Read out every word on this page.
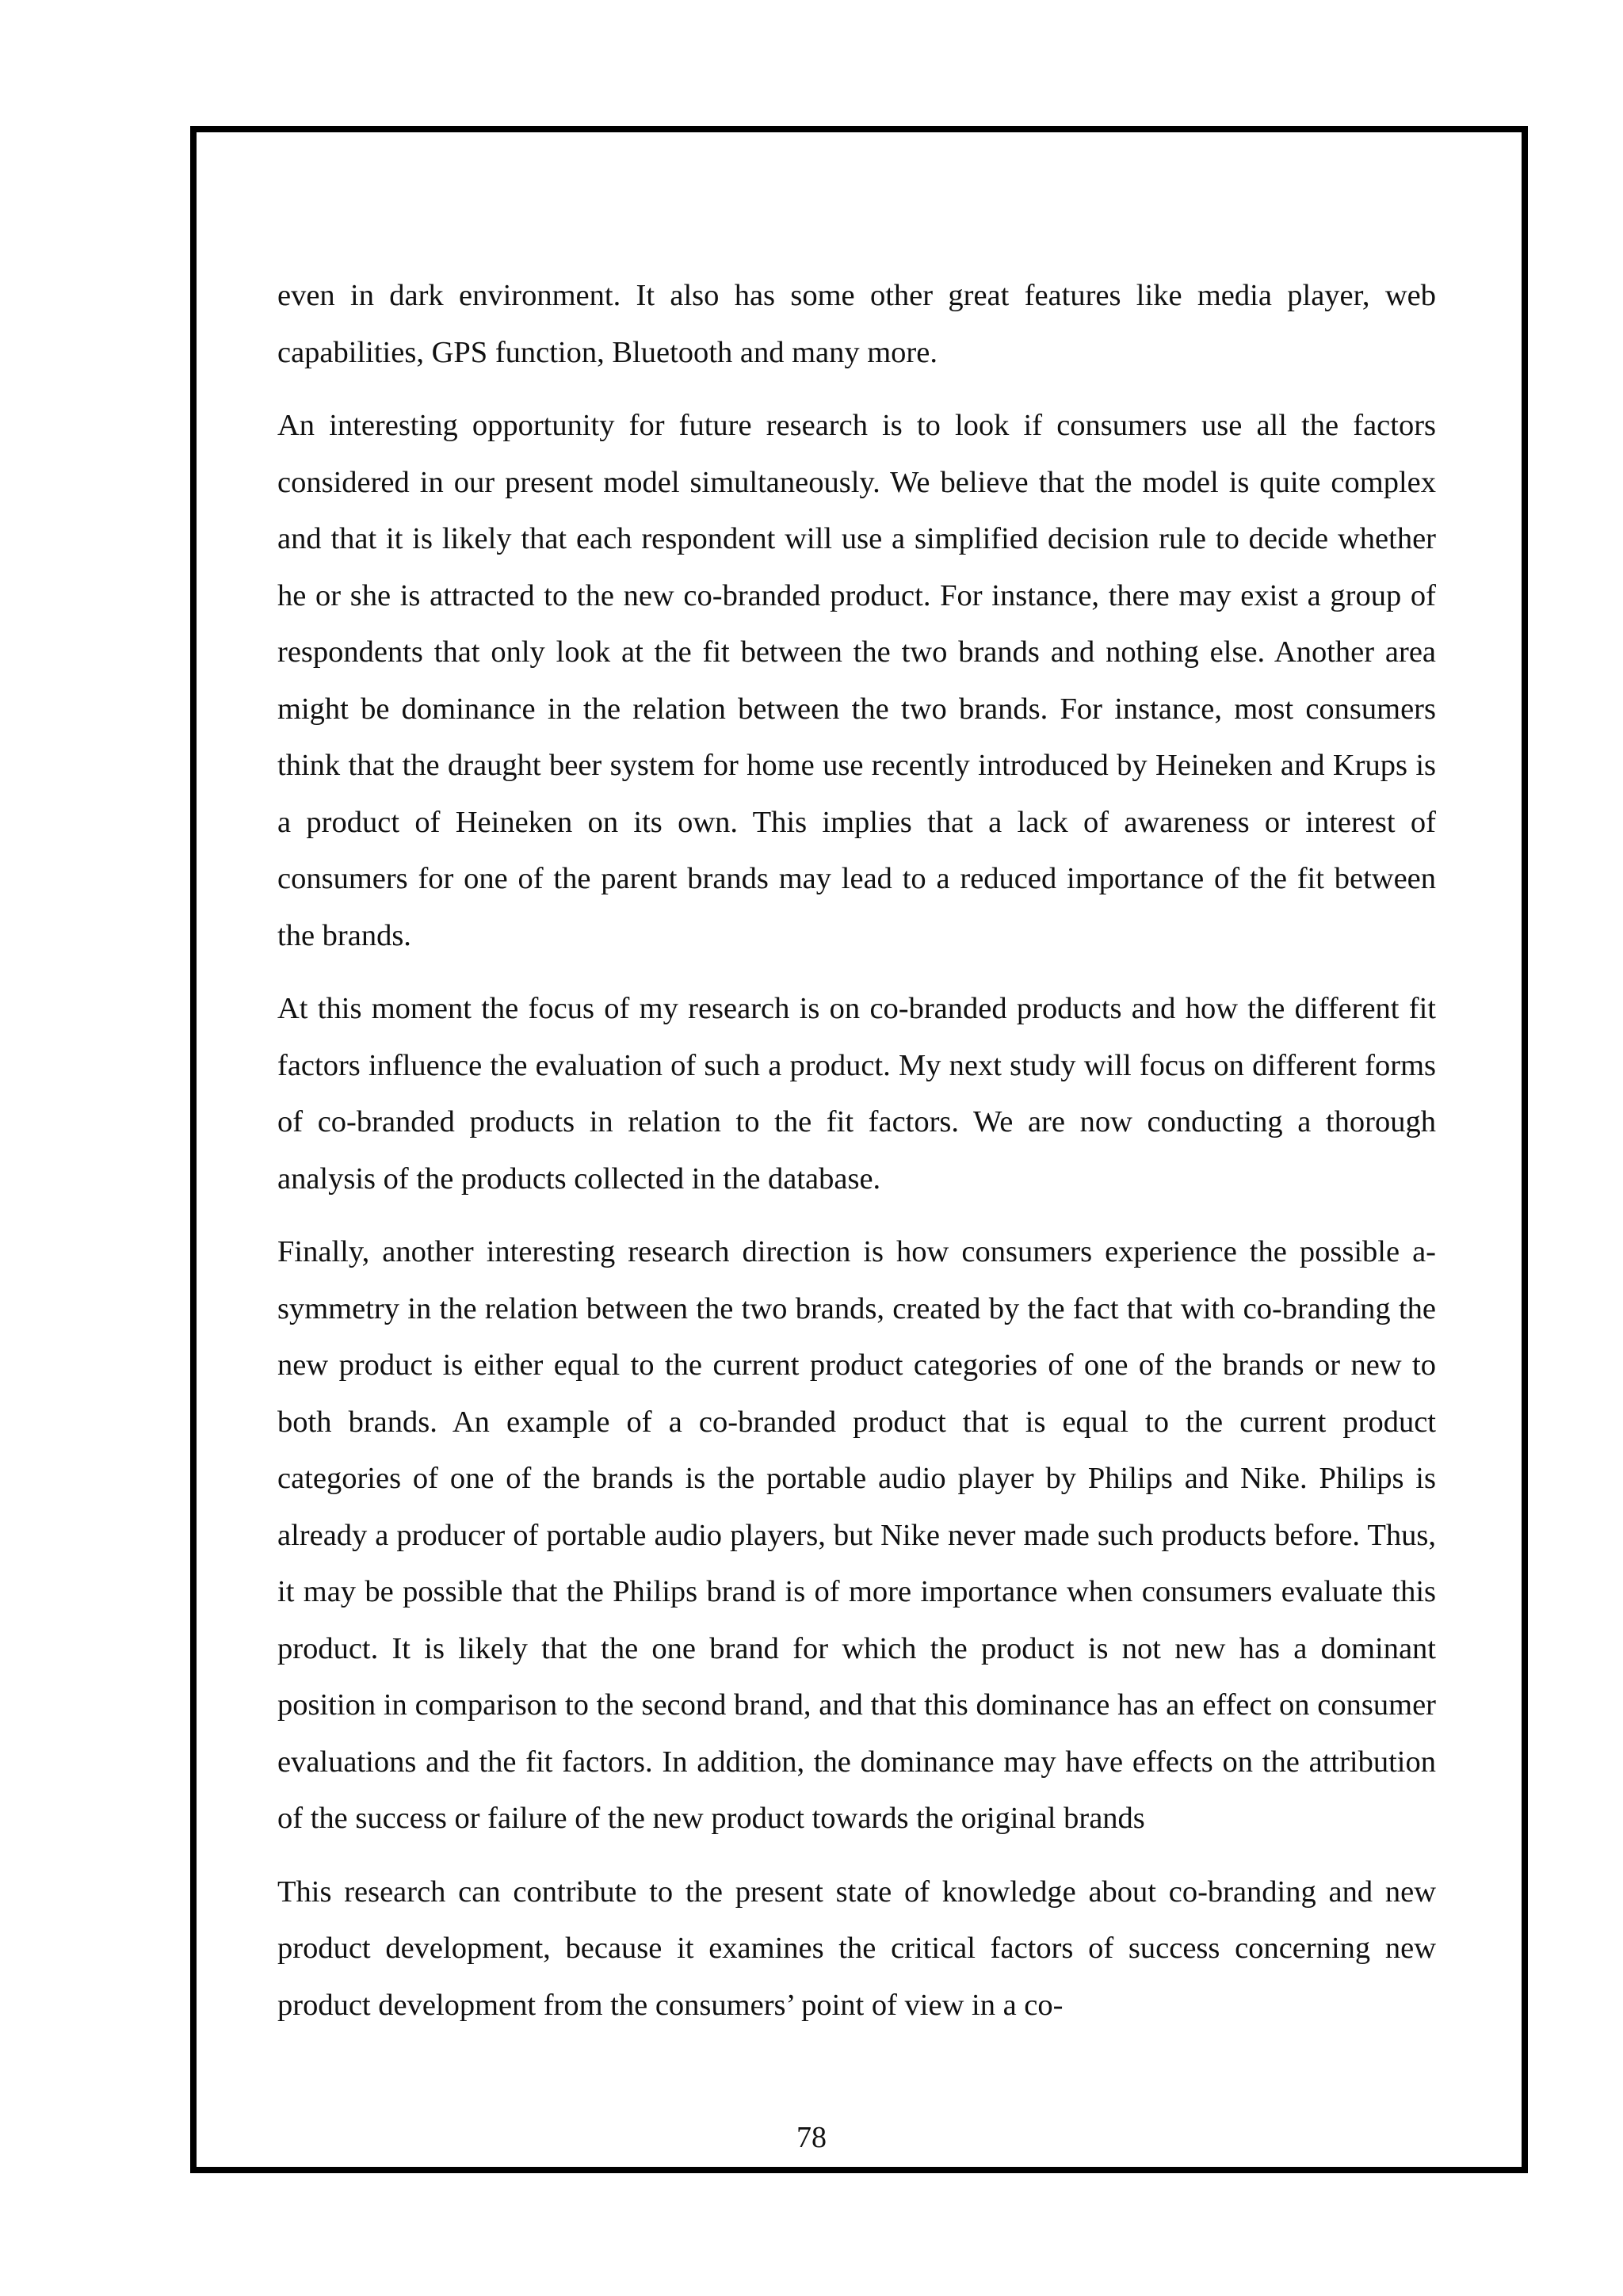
even in dark environment. It also has some other great features like media player, web capabilities, GPS function, Bluetooth and many more.

An interesting opportunity for future research is to look if consumers use all the factors considered in our present model simultaneously. We believe that the model is quite complex and that it is likely that each respondent will use a simplified decision rule to decide whether he or she is attracted to the new co-branded product. For instance, there may exist a group of respondents that only look at the fit between the two brands and nothing else. Another area might be dominance in the relation between the two brands. For instance, most consumers think that the draught beer system for home use recently introduced by Heineken and Krups is a product of Heineken on its own. This implies that a lack of awareness or interest of consumers for one of the parent brands may lead to a reduced importance of the fit between the brands.

At this moment the focus of my research is on co-branded products and how the different fit factors influence the evaluation of such a product. My next study will focus on different forms of co-branded products in relation to the fit factors. We are now conducting a thorough analysis of the products collected in the database.

Finally, another interesting research direction is how consumers experience the possible a-symmetry in the relation between the two brands, created by the fact that with co-branding the new product is either equal to the current product categories of one of the brands or new to both brands. An example of a co-branded product that is equal to the current product categories of one of the brands is the portable audio player by Philips and Nike. Philips is already a producer of portable audio players, but Nike never made such products before. Thus, it may be possible that the Philips brand is of more importance when consumers evaluate this product. It is likely that the one brand for which the product is not new has a dominant position in comparison to the second brand, and that this dominance has an effect on consumer evaluations and the fit factors. In addition, the dominance may have effects on the attribution of the success or failure of the new product towards the original brands

This research can contribute to the present state of knowledge about co-branding and new product development, because it examines the critical factors of success concerning new product development from the consumers’ point of view in a co-

78
